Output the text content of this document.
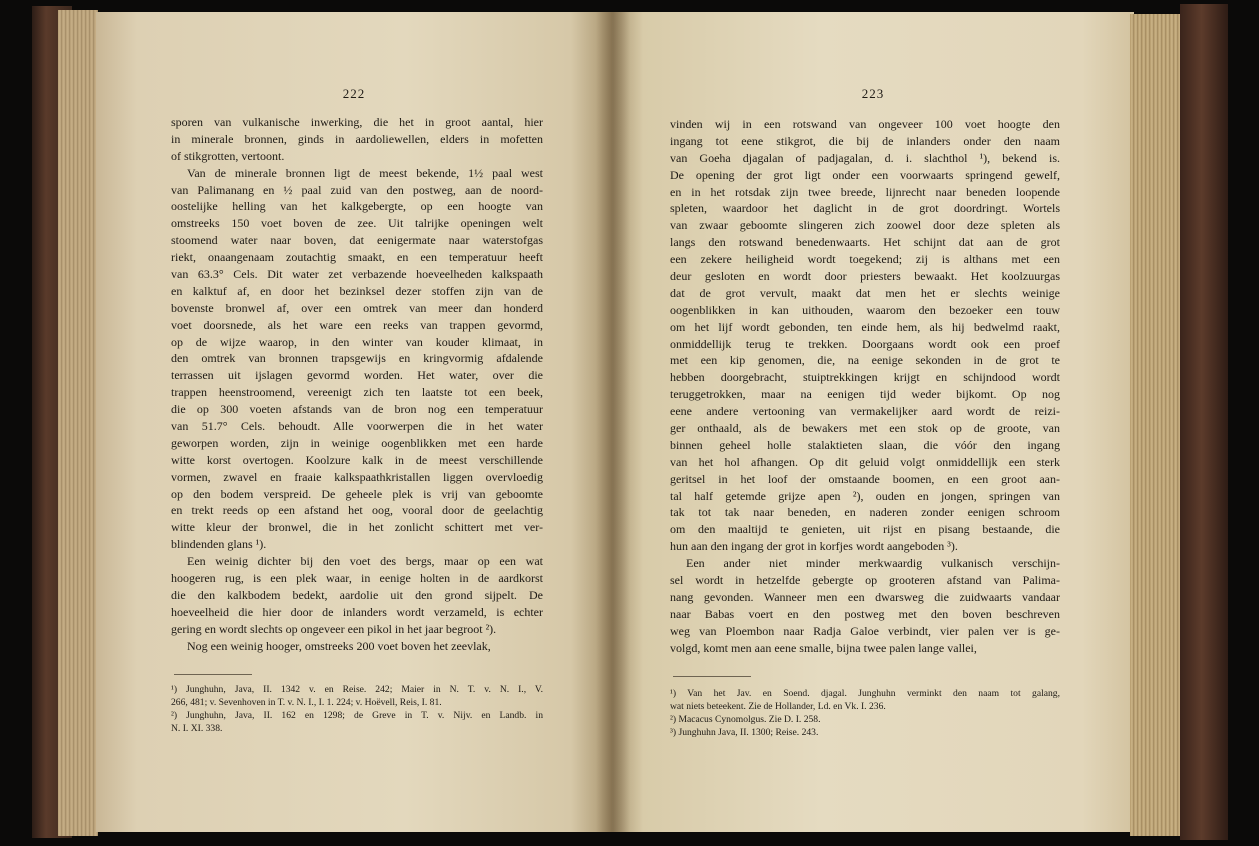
222
sporen van vulkanische inwerking, die het in groot aantal, hier
in minerale bronnen, ginds in aardoliewellen, elders in mofetten
of stikgrotten, vertoont.
Van de minerale bronnen ligt de meest bekende, 1½ paal west
van Palimanang en ½ paal zuid van den postweg, aan de noord-
oostelijke helling van het kalkgebergte, op een hoogte van
omstreeks 150 voet boven de zee. Uit talrijke openingen welt
stoomend water naar boven, dat eenigermate naar waterstofgas
riekt, onaangenaam zoutachtig smaakt, en een temperatuur heeft
van 63.3° Cels. Dit water zet verbazende hoeveelheden kalkspaath
en kalktuf af, en door het bezinksel dezer stoffen zijn van de
bovenste bronwel af, over een omtrek van meer dan honderd
voet doorsnede, als het ware een reeks van trappen gevormd,
op de wijze waarop, in den winter van kouder klimaat, in
den omtrek van bronnen trapsgewijs en kringvormig afdalende
terrassen uit ijslagen gevormd worden. Het water, over die
trappen heenstroomend, vereenigt zich ten laatste tot een beek,
die op 300 voeten afstands van de bron nog een temperatuur
van 51.7° Cels. behoudt. Alle voorwerpen die in het water
geworpen worden, zijn in weinige oogenblikken met een harde
witte korst overtogen. Koolzure kalk in de meest verschillende
vormen, zwavel en fraaie kalkspaathkristallen liggen overvloedig
op den bodem verspreid. De geheele plek is vrij van geboomte
en trekt reeds op een afstand het oog, vooral door de geelachtig
witte kleur der bronwel, die in het zonlicht schittert met ver-
blindenden glans ¹).
Een weinig dichter bij den voet des bergs, maar op een wat
hoogeren rug, is een plek waar, in eenige holten in de aardkorst
die den kalkbodem bedekt, aardolie uit den grond sijpelt. De
hoeveelheid die hier door de inlanders wordt verzameld, is echter
gering en wordt slechts op ongeveer een pikol in het jaar begroot ²).
Nog een weinig hooger, omstreeks 200 voet boven het zeevlak,
¹) Junghuhn, Java, II. 1342 v. en Reise. 242; Maier in N. T. v. N. I., V.
266, 481; v. Sevenhoven in T. v. N. I., I. 1. 224; v. Hoëvell, Reis, I. 81.
²) Junghuhn, Java, II. 162 en 1298; de Greve in T. v. Nijv. en Landb. in
N. I. XI. 338.
223
vinden wij in een rotswand van ongeveer 100 voet hoogte den
ingang tot eene stikgrot, die bij de inlanders onder den naam
van Goeha djagalan of padjagalan, d. i. slachthol ¹), bekend is.
De opening der grot ligt onder een voorwaarts springend gewelf,
en in het rotsdak zijn twee breede, lijnrecht naar beneden loopende
spleten, waardoor het daglicht in de grot doordringt. Wortels
van zwaar geboomte slingeren zich zoowel door deze spleten als
langs den rotswand benedenwaarts. Het schijnt dat aan de grot
een zekere heiligheid wordt toegekend; zij is althans met een
deur gesloten en wordt door priesters bewaakt. Het koolzuurgas
dat de grot vervult, maakt dat men het er slechts weinige
oogenblikken in kan uithouden, waarom den bezoeker een touw
om het lijf wordt gebonden, ten einde hem, als hij bedwelmd raakt,
onmiddellijk terug te trekken. Doorgaans wordt ook een proef
met een kip genomen, die, na eenige sekonden in de grot te
hebben doorgebracht, stuiptrekkingen krijgt en schijndood wordt
teruggetrokken, maar na eenigen tijd weder bijkomt. Op nog
eene andere vertooning van vermakelijker aard wordt de reizi-
ger onthaald, als de bewakers met een stok op de groote, van
binnen geheel holle stalaktieten slaan, die vóór den ingang
van het hol afhangen. Op dit geluid volgt onmiddellijk een sterk
geritsel in het loof der omstaande boomen, en een groot aan-
tal half getemde grijze apen ²), ouden en jongen, springen van
tak tot tak naar beneden, en naderen zonder eenigen schroom
om den maaltijd te genieten, uit rijst en pisang bestaande, die
hun aan den ingang der grot in korfjes wordt aangeboden ³).
Een ander niet minder merkwaardig vulkanisch verschijn-
sel wordt in hetzelfde gebergte op grooteren afstand van Palima-
nang gevonden. Wanneer men een dwarsweg die zuidwaarts vandaar
naar Babas voert en den postweg met den boven beschreven
weg van Ploembon naar Radja Galoe verbindt, vier palen ver is ge-
volgd, komt men aan eene smalle, bijna twee palen lange vallei,
¹) Van het Jav. en Soend. djagal. Junghuhn verminkt den naam tot galang,
wat niets beteekent. Zie de Hollander, Ld. en Vk. I. 236.
²) Macacus Cynomolgus. Zie D. I. 258.
³) Junghuhn Java, II. 1300; Reise. 243.
